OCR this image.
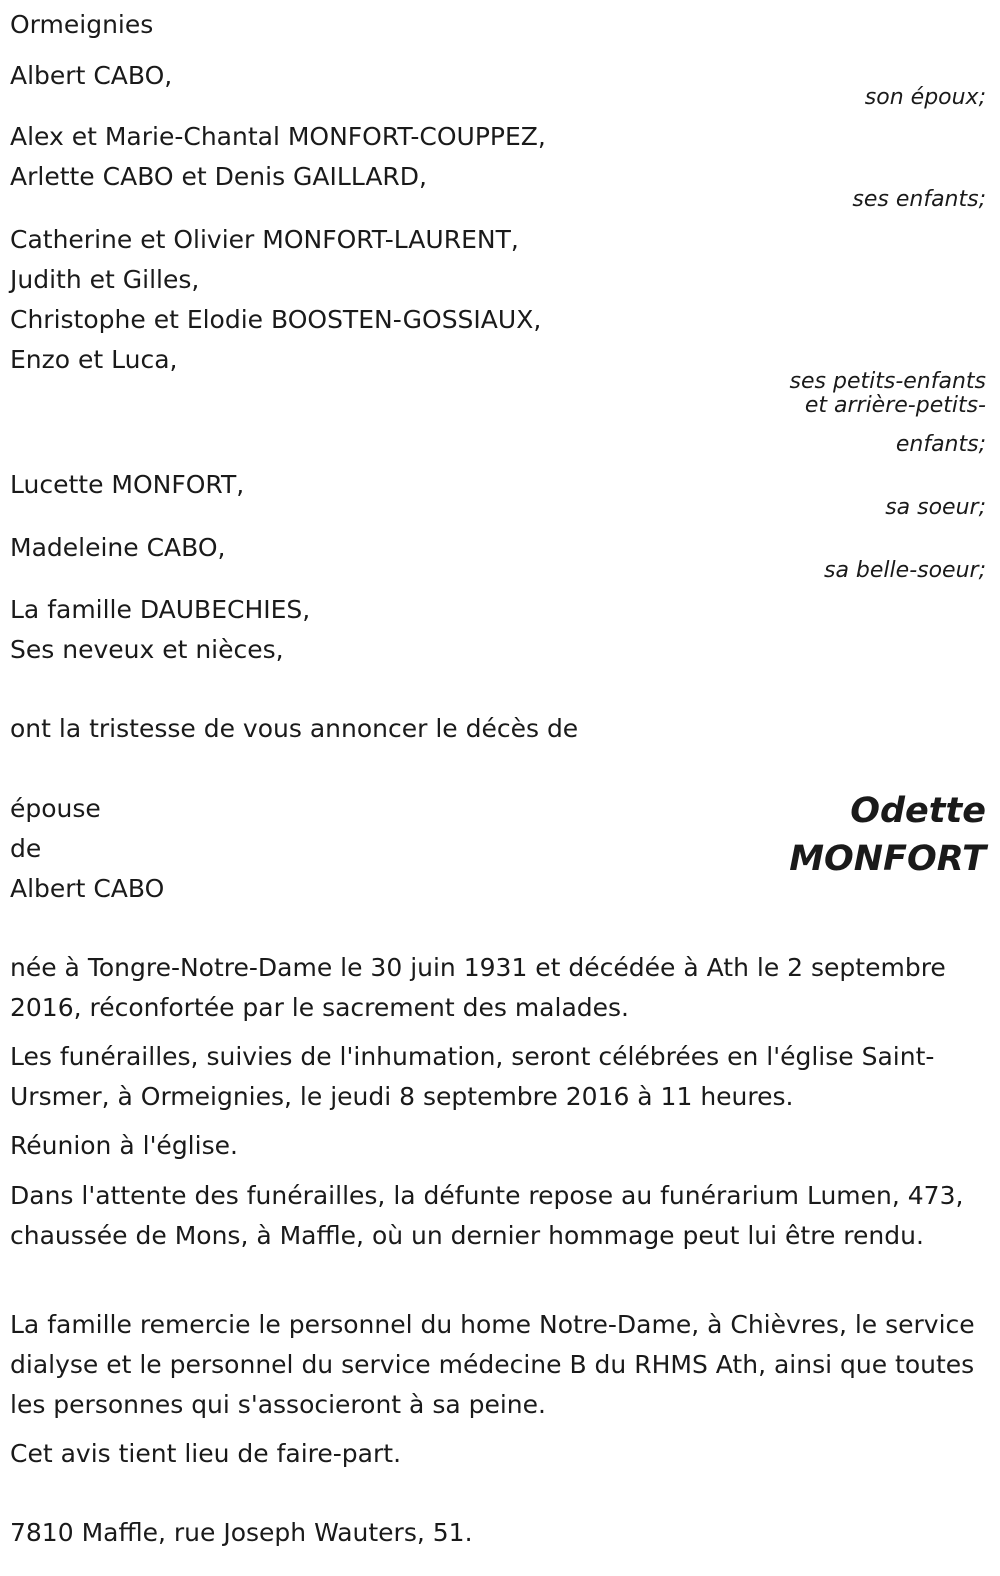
Ormeignies
Albert CABO,
son époux;
Alex et Marie-Chantal MONFORT-COUPPEZ,
Arlette CABO et Denis GAILLARD,
ses enfants;
Catherine et Olivier MONFORT-LAURENT,
Judith et Gilles,
Christophe et Elodie BOOSTEN-GOSSIAUX,
Enzo et Luca,
ses petits-enfants
et arrière-petits-
enfants;
Lucette MONFORT,
sa soeur;
Madeleine CABO,
sa belle-soeur;
La famille DAUBECHIES,
Ses neveux et nièces,
ont la tristesse de vous annoncer le décès de
épouse
de
Albert CABO
Odette
MONFORT
née à Tongre-Notre-Dame le 30 juin 1931 et décédée à Ath le 2 septembre 2016, réconfortée par le sacrement des malades.
Les funérailles, suivies de l'inhumation, seront célébrées en l'église Saint-Ursmer, à Ormeignies, le jeudi 8 septembre 2016 à 11 heures.
Réunion à l'église.
Dans l'attente des funérailles, la défunte repose au funérarium Lumen, 473, chaussée de Mons, à Maffle, où un dernier hommage peut lui être rendu.
La famille remercie le personnel du home Notre-Dame, à Chièvres, le service dialyse et le personnel du service médecine B du RHMS Ath, ainsi que toutes les personnes qui s'associeront à sa peine.
Cet avis tient lieu de faire-part.
7810 Maffle, rue Joseph Wauters, 51.
